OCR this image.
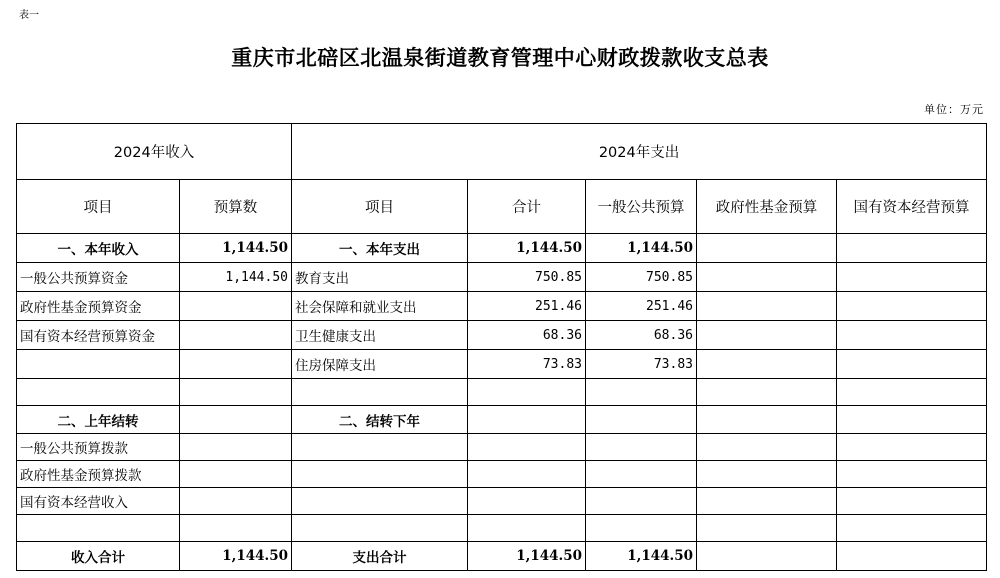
表一
重庆市北碚区北温泉街道教育管理中心财政拨款收支总表
单位：万元
2024年收入		2024年支出				
项目	预算数	项目	合计	一般公共预算	政府性基金预算	国有资本经营预算
一、本年收入	1,144.50	一、本年支出	1,144.50	1,144.50		
一般公共预算资金	1,144.50	教育支出	750.85	750.85		
政府性基金预算资金		社会保障和就业支出	251.46	251.46		
国有资本经营预算资金		卫生健康支出	68.36	68.36		
		住房保障支出	73.83	73.83		

二、上年结转		二、结转下年				
一般公共预算拨款						
政府性基金预算拨款						
国有资本经营收入						

收入合计	1,144.50	支出合计	1,144.50	1,144.50		
